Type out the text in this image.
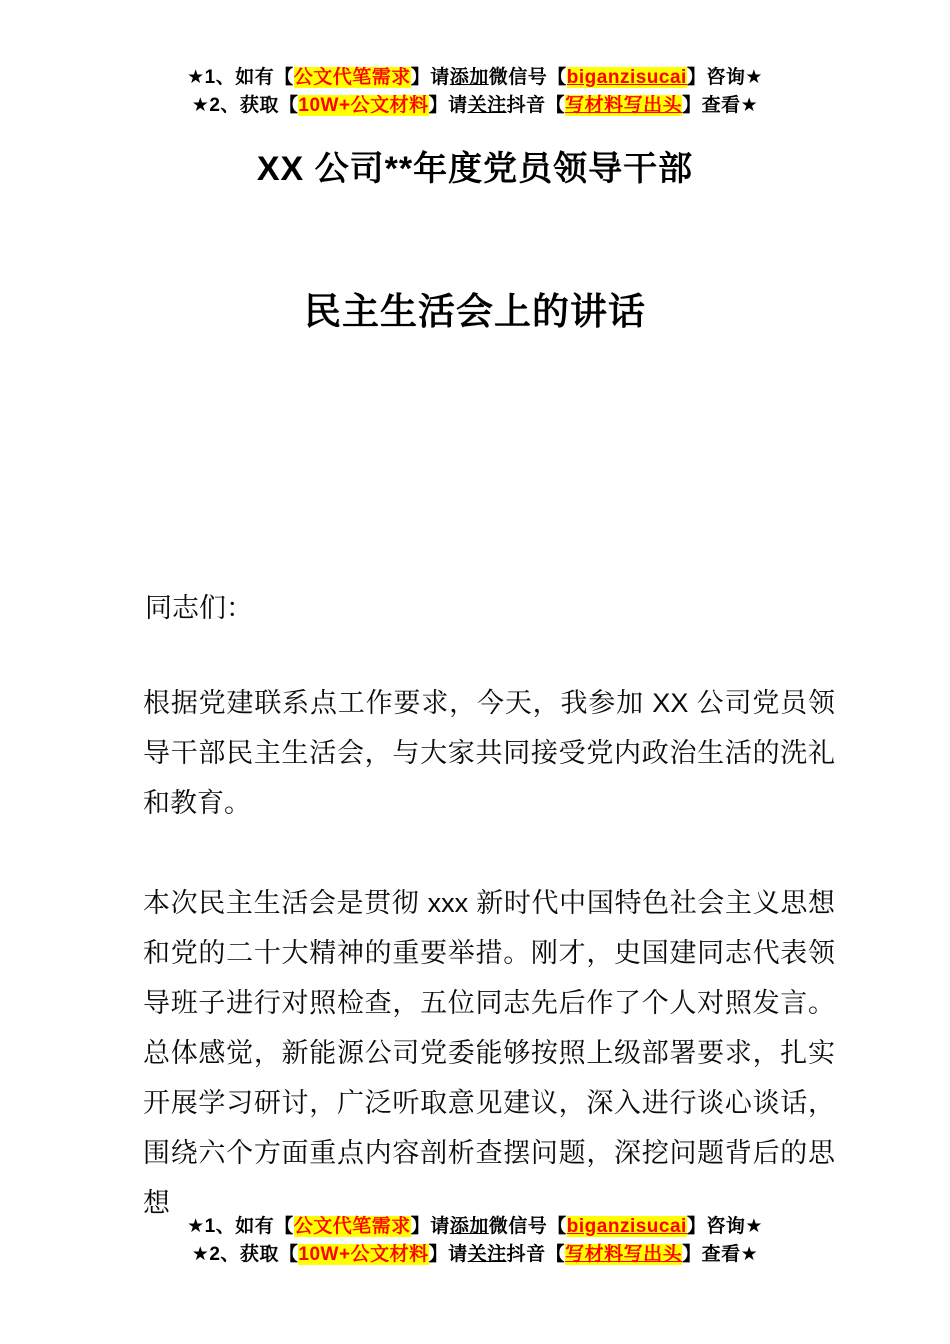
★1、如有【公文代笔需求】请添加微信号【biganzisucai】咨询★
★2、获取【10W+公文材料】请关注抖音【写材料写出头】查看★
XX 公司**年度党员领导干部
民主生活会上的讲话
同志们：
根据党建联系点工作要求，今天，我参加 XX 公司党员领导干部民主生活会，与大家共同接受党内政治生活的洗礼和教育。
本次民主生活会是贯彻 xxx 新时代中国特色社会主义思想和党的二十大精神的重要举措。刚才，史国建同志代表领导班子进行对照检查，五位同志先后作了个人对照发言。总体感觉，新能源公司党委能够按照上级部署要求，扎实开展学习研讨，广泛听取意见建议，深入进行谈心谈话，围绕六个方面重点内容剖析查摆问题，深挖问题背后的思想
★1、如有【公文代笔需求】请添加微信号【biganzisucai】咨询★
★2、获取【10W+公文材料】请关注抖音【写材料写出头】查看★
